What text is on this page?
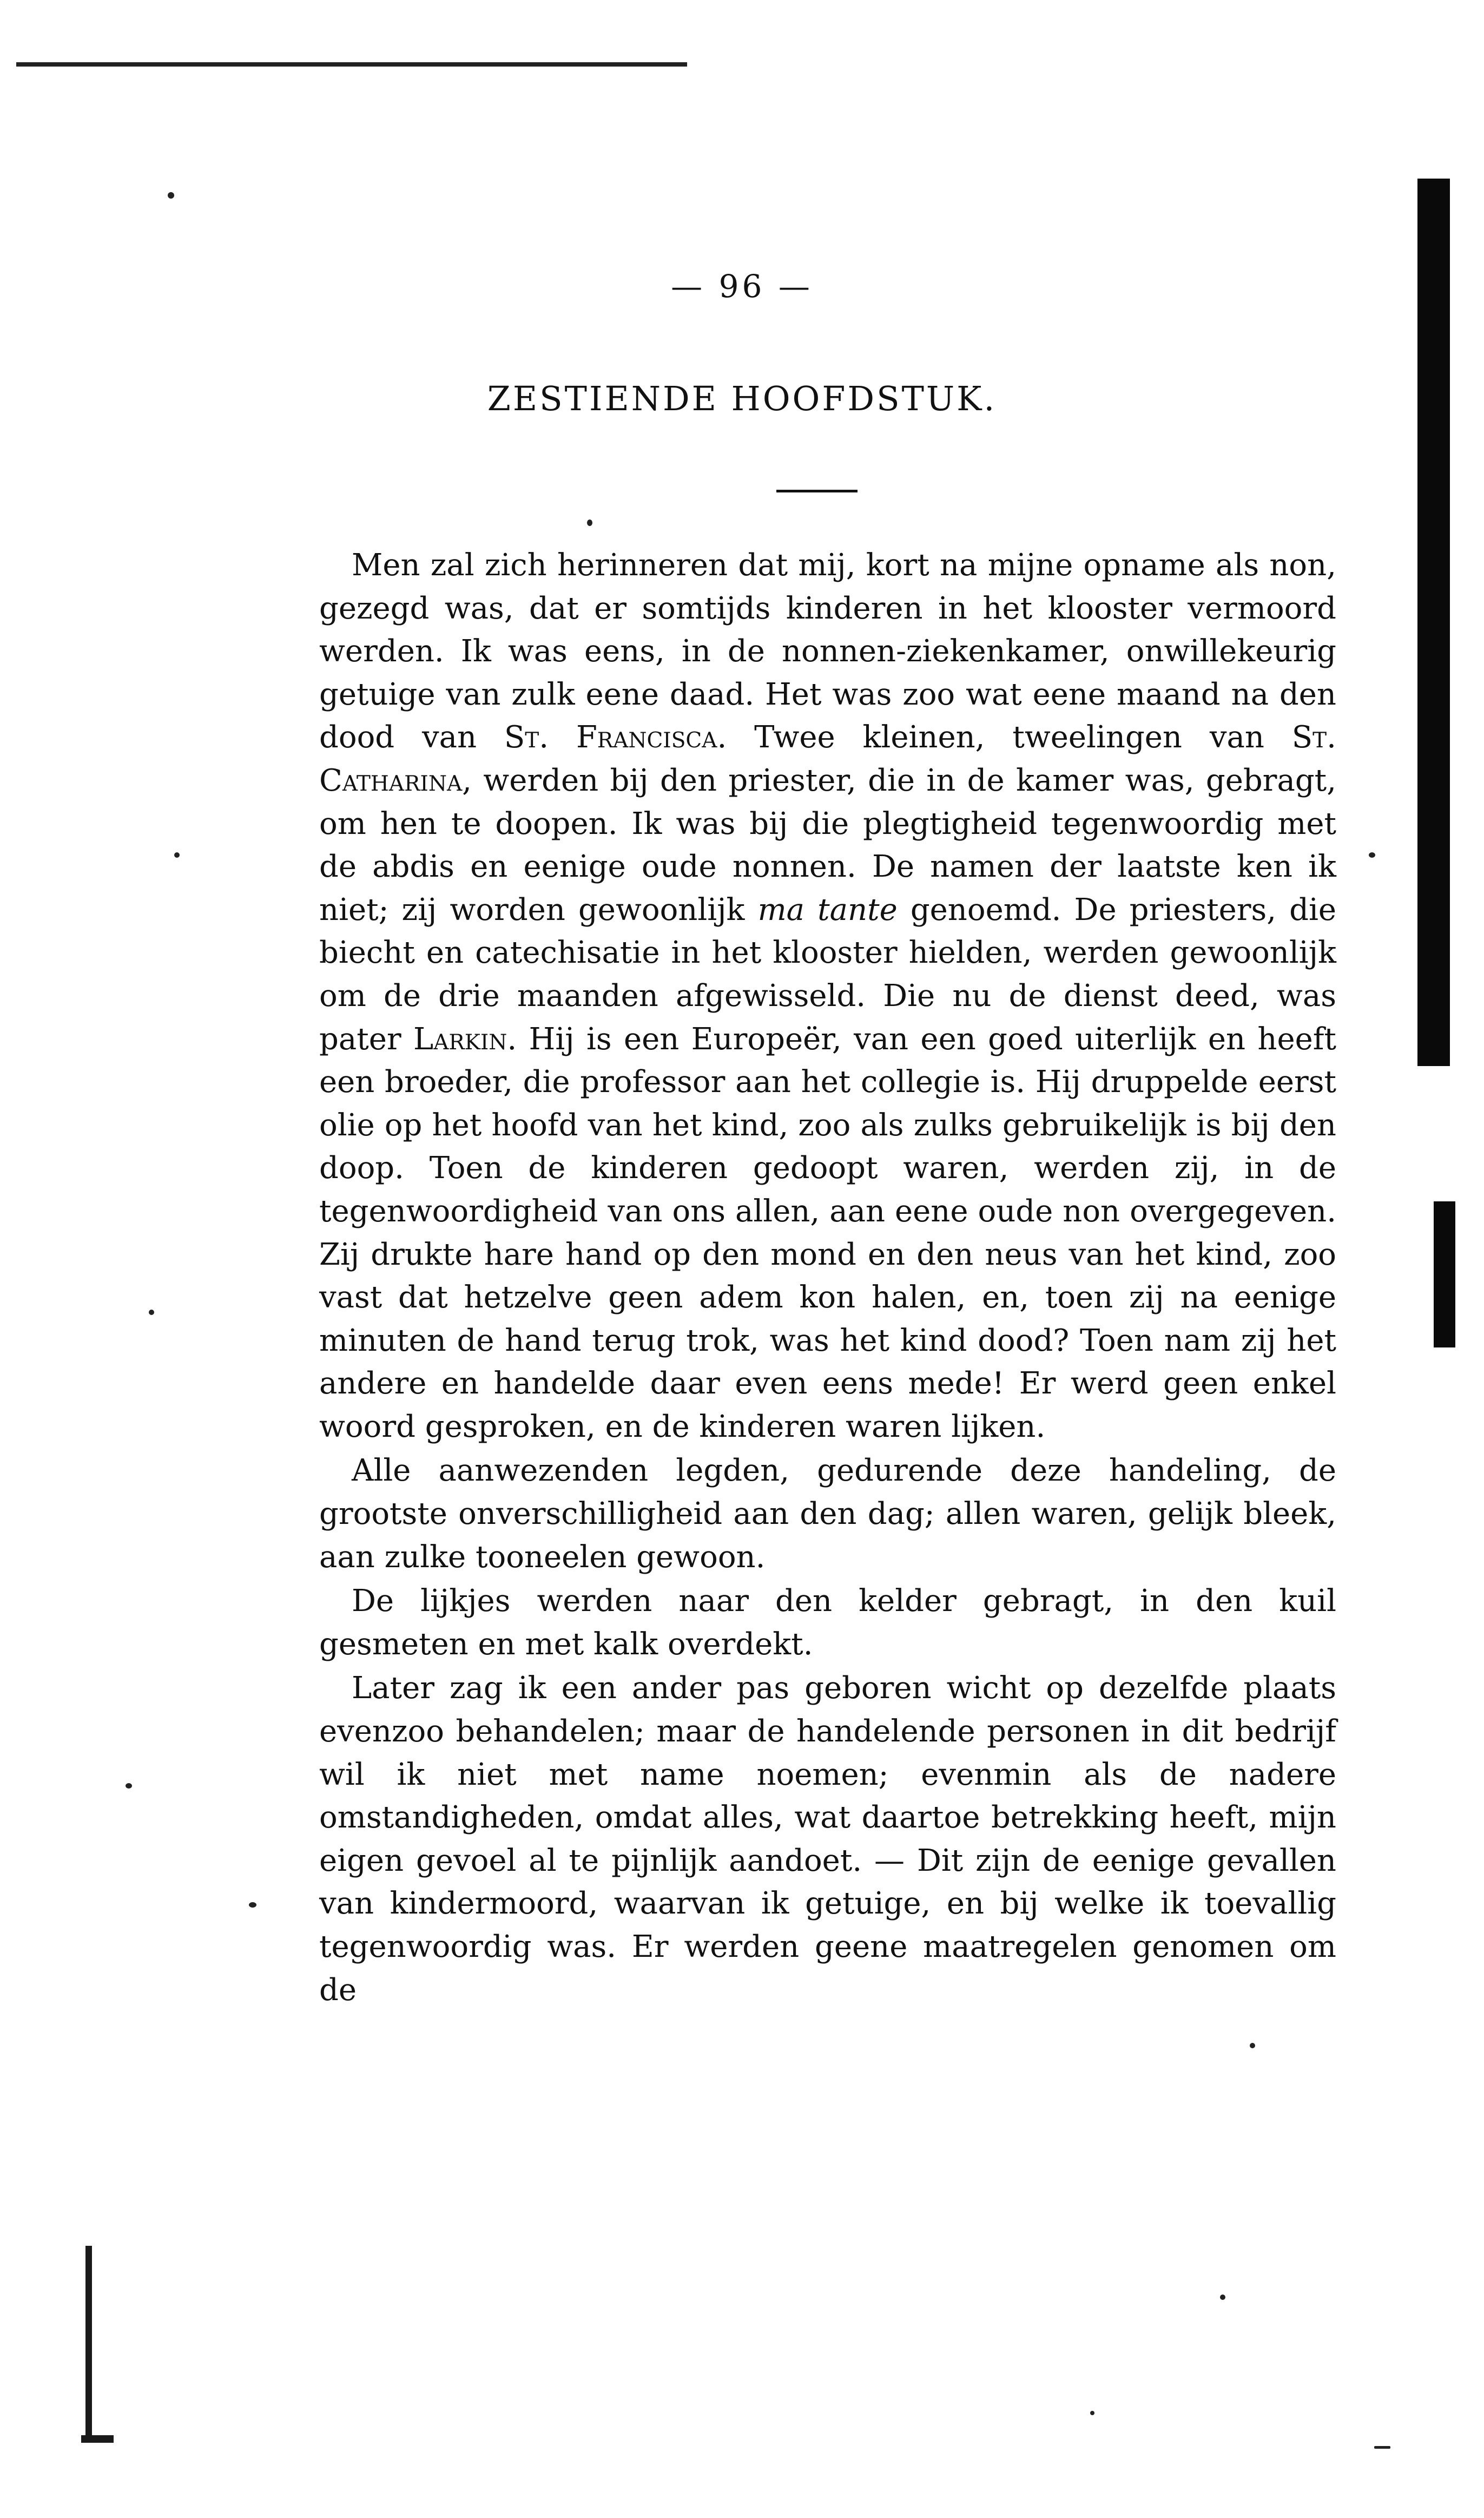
— 96 —
ZESTIENDE HOOFDSTUK.

Men zal zich herinneren dat mij, kort na mijne opname als non, gezegd was, dat er somtijds kinderen in het klooster vermoord werden. Ik was eens, in de nonnen-ziekenkamer, onwillekeurig getuige van zulk eene daad. Het was zoo wat eene maand na den dood van St. Francisca. Twee kleinen, tweelingen van St. Catharina, werden bij den priester, die in de kamer was, gebragt, om hen te doopen. Ik was bij die plegtigheid tegenwoordig met de abdis en eenige oude nonnen. De namen der laatste ken ik niet; zij worden gewoonlijk ma tante genoemd. De priesters, die biecht en catechisatie in het klooster hielden, werden gewoonlijk om de drie maanden afgewisseld. Die nu de dienst deed, was pater Larkin. Hij is een Europeër, van een goed uiterlijk en heeft een broeder, die professor aan het collegie is. Hij druppelde eerst olie op het hoofd van het kind, zoo als zulks gebruikelijk is bij den doop. Toen de kinderen gedoopt waren, werden zij, in de tegenwoordigheid van ons allen, aan eene oude non overgegeven. Zij drukte hare hand op den mond en den neus van het kind, zoo vast dat hetzelve geen adem kon halen, en, toen zij na eenige minuten de hand terug trok, was het kind dood? Toen nam zij het andere en handelde daar even eens mede! Er werd geen enkel woord gesproken, en de kinderen waren lijken.

Alle aanwezenden legden, gedurende deze handeling, de grootste onverschilligheid aan den dag; allen waren, gelijk bleek, aan zulke tooneelen gewoon.

De lijkjes werden naar den kelder gebragt, in den kuil gesmeten en met kalk overdekt.

Later zag ik een ander pas geboren wicht op dezelfde plaats evenzoo behandelen; maar de handelende personen in dit bedrijf wil ik niet met name noemen; evenmin als de nadere omstandigheden, omdat alles, wat daartoe betrekking heeft, mijn eigen gevoel al te pijnlijk aandoet. — Dit zijn de eenige gevallen van kindermoord, waarvan ik getuige, en bij welke ik toevallig tegenwoordig was. Er werden geene maatregelen genomen om de
